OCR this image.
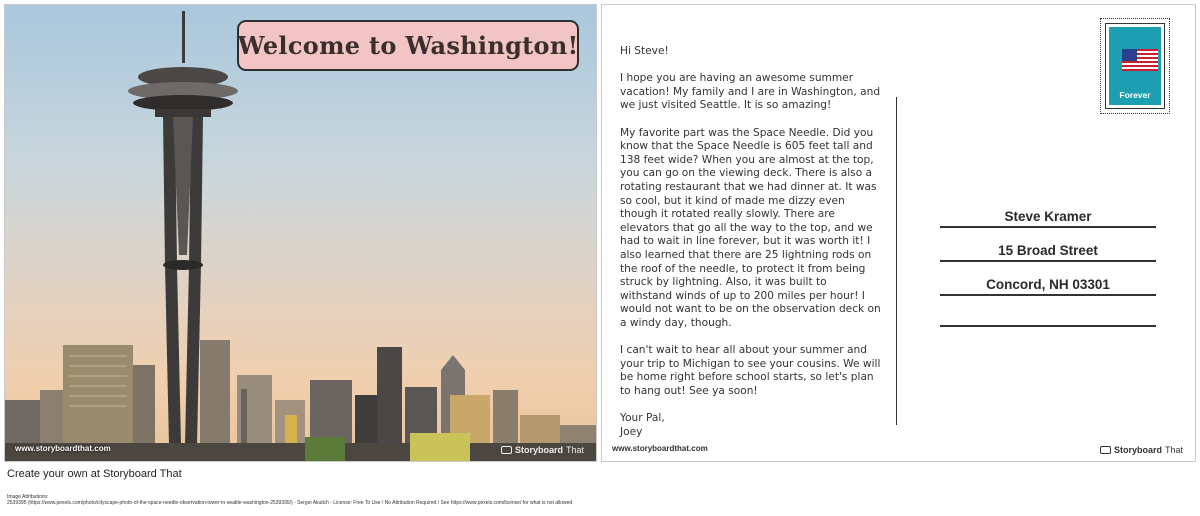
Welcome to Washington!
www.storyboardthat.com	Storyboard That

Hi Steve!

I hope you are having an awesome summer vacation! My family and I are in Washington, and we just visited Seattle. It is so amazing!

My favorite part was the Space Needle. Did you know that the Space Needle is 605 feet tall and 138 feet wide? When you are almost at the top, you can go on the viewing deck. There is also a rotating restaurant that we had dinner at. It was so cool, but it kind of made me dizzy even though it rotated really slowly. There are elevators that go all the way to the top, and we had to wait in line forever, but it was worth it! I also learned that there are 25 lightning rods on the roof of the needle, to protect it from being struck by lightning. Also, it was built to withstand winds of up to 200 miles per hour! I would not want to be on the observation deck on a windy day, though.

I can't wait to hear all about your summer and your trip to Michigan to see your cousins. We will be home right before school starts, so let's plan to hang out! See ya soon!

Your Pal,
Joey
Forever
Steve Kramer
15 Broad Street
Concord, NH 03301
www.storyboardthat.com	Storyboard That
Create your own at Storyboard That
Image Attributions:
2539395 (https://www.pexels.com/photo/cityscape-photo-of-the-space-needle-observation-tower-in-seattle-washington-2539395/) - Sergei Akulich - License: Free To Use / No Attribution Required / See https://www.pexels.com/license/ for what is not allowed
